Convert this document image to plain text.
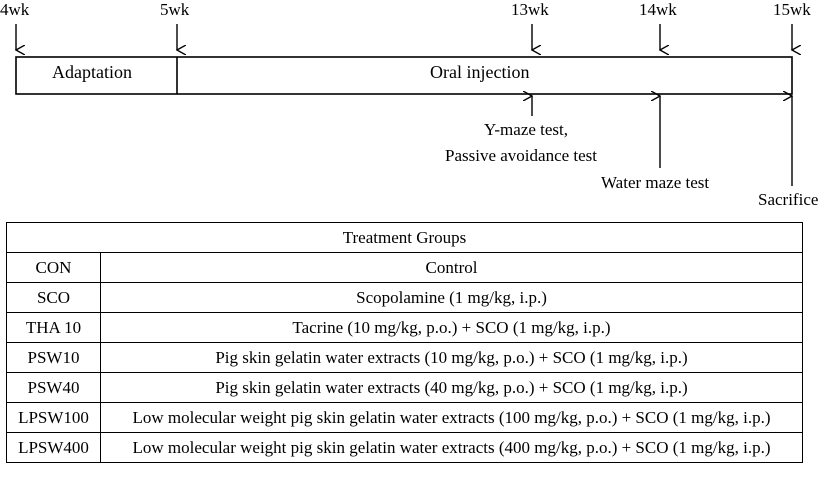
4wk	5wk	13wk	14wk	15wk
Adaptation	Oral injection
Y-maze test,
Passive avoidance test
Water maze test
Sacrifice
Treatment Groups	
CON	Control
SCO	Scopolamine (1 mg/kg, i.p.)
THA 10	Tacrine (10 mg/kg, p.o.) + SCO (1 mg/kg, i.p.)
PSW10	Pig skin gelatin water extracts (10 mg/kg, p.o.) + SCO (1 mg/kg, i.p.)
PSW40	Pig skin gelatin water extracts (40 mg/kg, p.o.) + SCO (1 mg/kg, i.p.)
LPSW100	Low molecular weight pig skin gelatin water extracts (100 mg/kg, p.o.) + SCO (1 mg/kg, i.p.)
LPSW400	Low molecular weight pig skin gelatin water extracts (400 mg/kg, p.o.) + SCO (1 mg/kg, i.p.)
